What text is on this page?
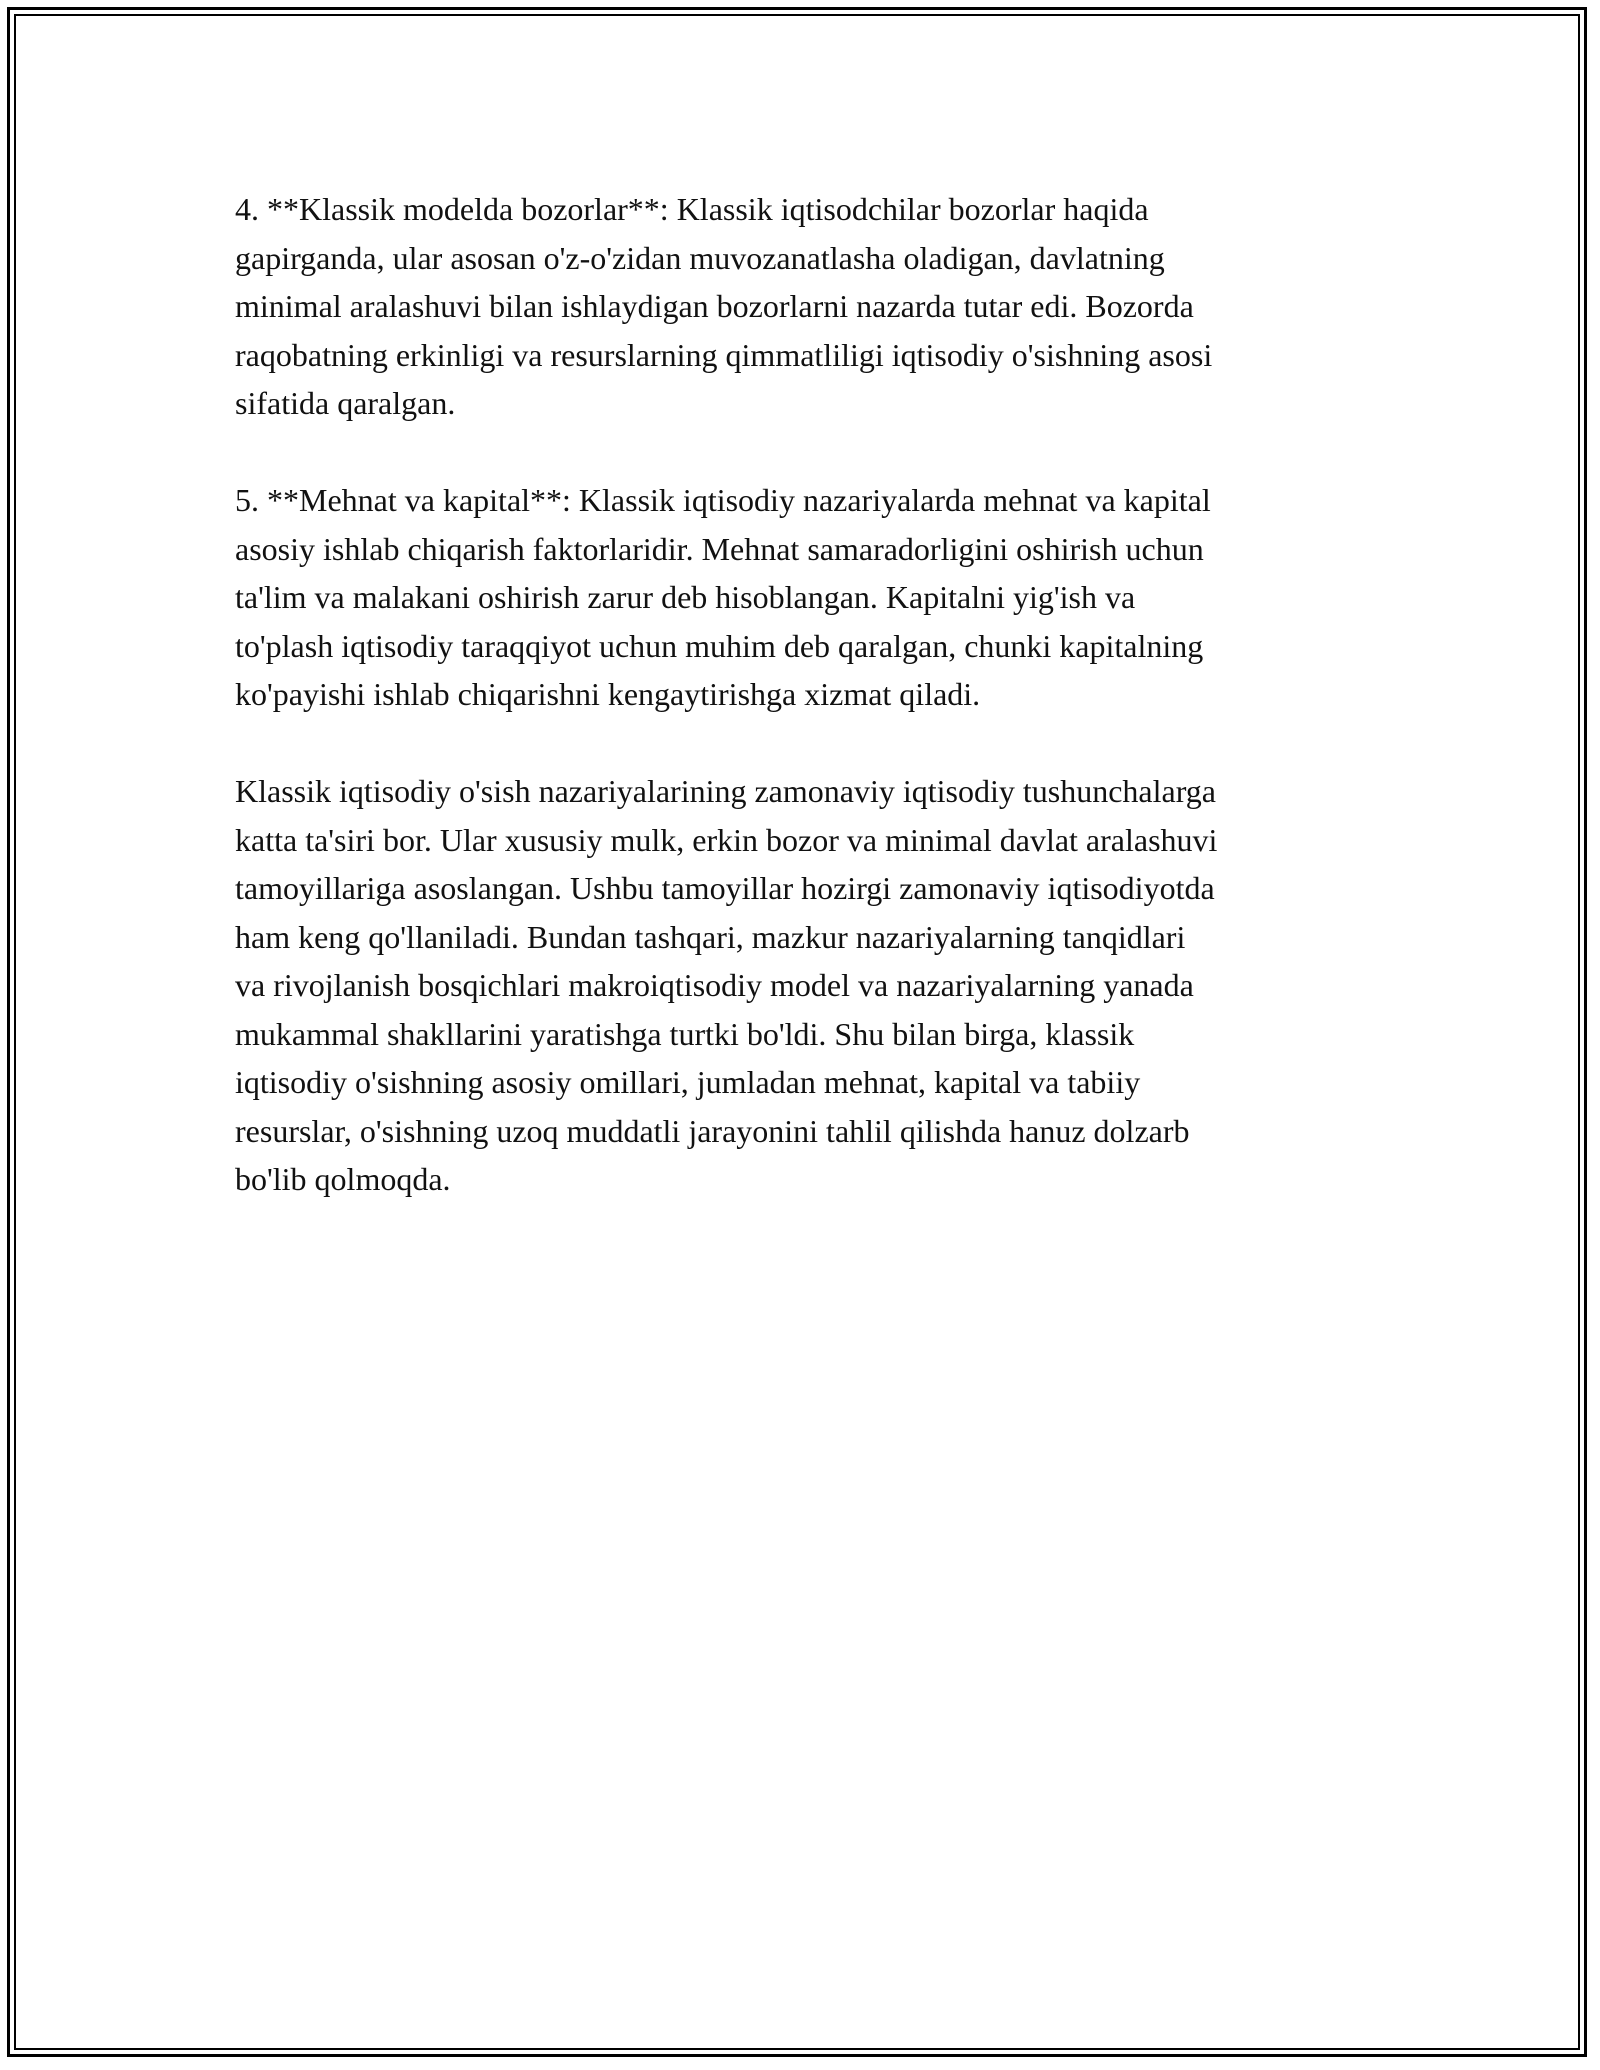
4. **Klassik modelda bozorlar**: Klassik iqtisodchilar bozorlar haqida
gapirganda, ular asosan o'z-o'zidan muvozanatlasha oladigan, davlatning
minimal aralashuvi bilan ishlaydigan bozorlarni nazarda tutar edi. Bozorda
raqobatning erkinligi va resurslarning qimmatliligi iqtisodiy o'sishning asosi
sifatida qaralgan.

5. **Mehnat va kapital**: Klassik iqtisodiy nazariyalarda mehnat va kapital
asosiy ishlab chiqarish faktorlaridir. Mehnat samaradorligini oshirish uchun
ta'lim va malakani oshirish zarur deb hisoblangan. Kapitalni yig'ish va
to'plash iqtisodiy taraqqiyot uchun muhim deb qaralgan, chunki kapitalning
ko'payishi ishlab chiqarishni kengaytirishga xizmat qiladi.

Klassik iqtisodiy o'sish nazariyalarining zamonaviy iqtisodiy tushunchalarga
katta ta'siri bor. Ular xususiy mulk, erkin bozor va minimal davlat aralashuvi
tamoyillariga asoslangan. Ushbu tamoyillar hozirgi zamonaviy iqtisodiyotda
ham keng qo'llaniladi. Bundan tashqari, mazkur nazariyalarning tanqidlari
va rivojlanish bosqichlari makroiqtisodiy model va nazariyalarning yanada
mukammal shakllarini yaratishga turtki bo'ldi. Shu bilan birga, klassik
iqtisodiy o'sishning asosiy omillari, jumladan mehnat, kapital va tabiiy
resurslar, o'sishning uzoq muddatli jarayonini tahlil qilishda hanuz dolzarb
bo'lib qolmoqda.
